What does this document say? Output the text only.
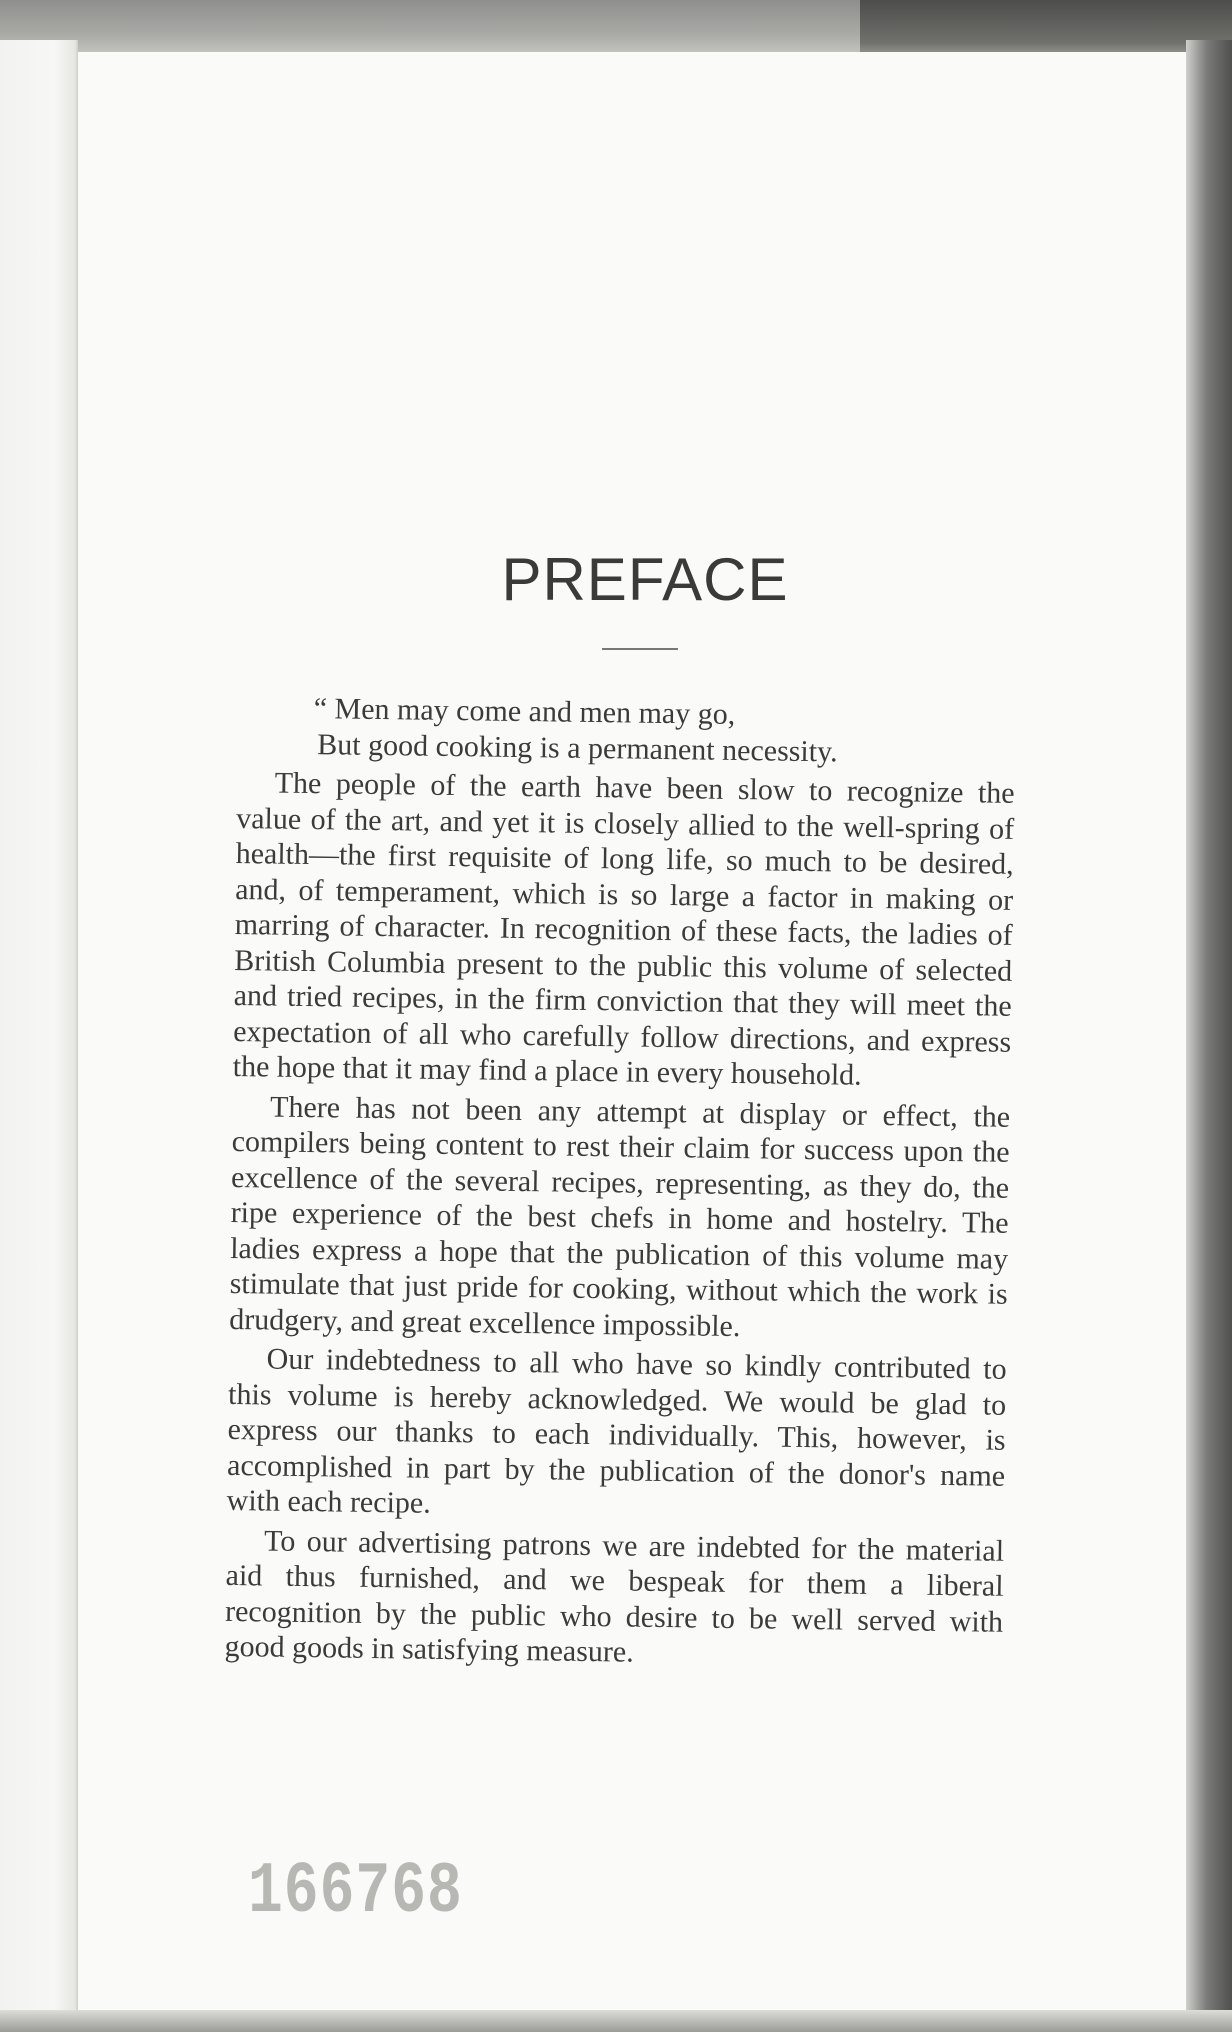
PREFACE

“ Men may come and men may go,

But good cooking is a permanent necessity.

The people of the earth have been slow to recognize the value of the art, and yet it is closely allied to the well-spring of health—the first requisite of long life, so much to be desired, and, of temperament, which is so large a factor in making or marring of character. In recognition of these facts, the ladies of British Columbia present to the public this volume of selected and tried recipes, in the firm conviction that they will meet the expectation of all who carefully follow directions, and express the hope that it may find a place in every household.

There has not been any attempt at display or effect, the compilers being content to rest their claim for success upon the excellence of the several recipes, representing, as they do, the ripe experience of the best chefs in home and hostelry. The ladies express a hope that the publication of this volume may stimulate that just pride for cooking, without which the work is drudgery, and great excellence impossible.

Our indebtedness to all who have so kindly contributed to this volume is hereby acknowledged. We would be glad to express our thanks to each individually. This, however, is accomplished in part by the publication of the donor's name with each recipe.

To our advertising patrons we are indebted for the material aid thus furnished, and we bespeak for them a liberal recognition by the public who desire to be well served with good goods in satisfying measure.

166768
